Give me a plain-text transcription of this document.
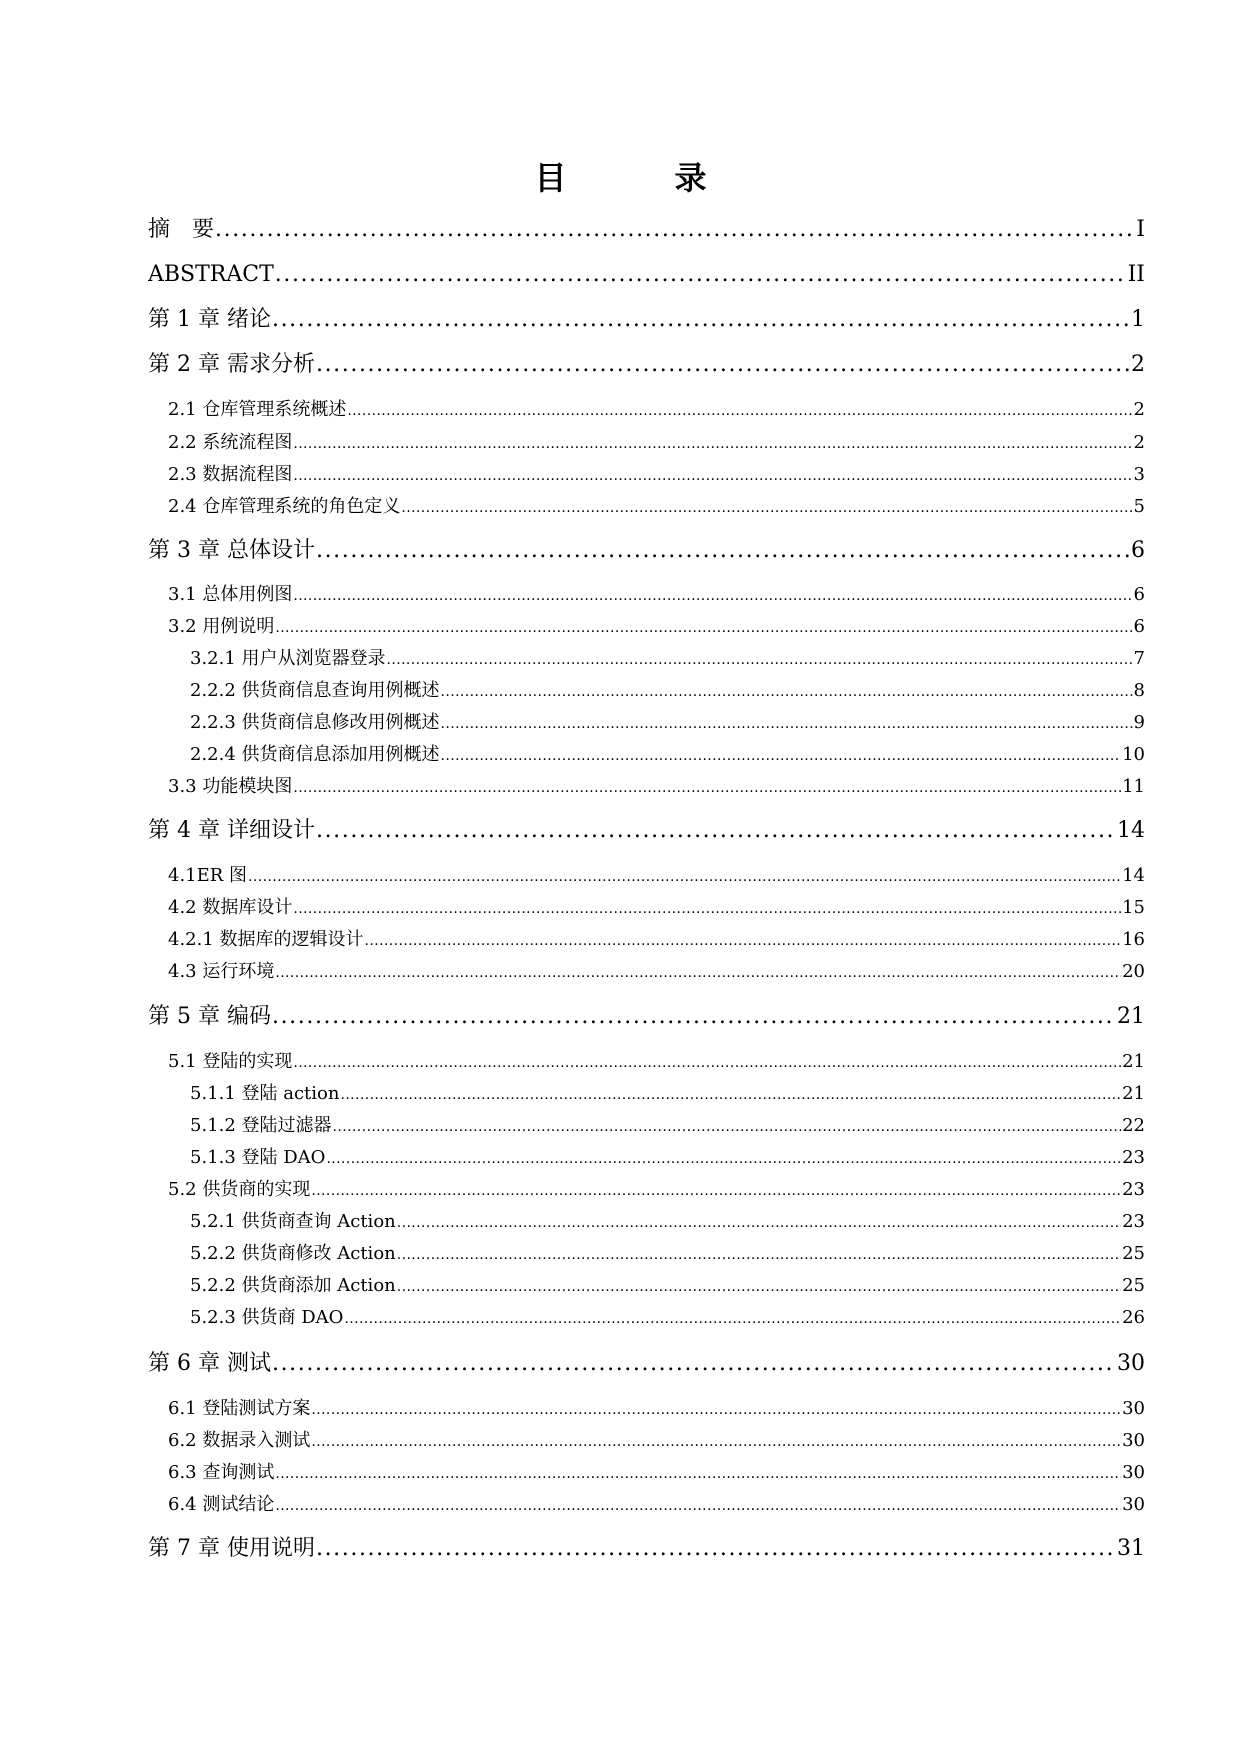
目　录
摘　要 .....	I
ABSTRACT .....	II
第 1 章 绪论 .....	1
第 2 章 需求分析 .....	2
2.1 仓库管理系统概述 .....	2
2.2 系统流程图 .....	2
2.3 数据流程图 .....	3
2.4 仓库管理系统的角色定义 .....	5
第 3 章 总体设计 .....	6
3.1 总体用例图 .....	6
3.2 用例说明 .....	6
3.2.1 用户从浏览器登录 .....	7
2.2.2 供货商信息查询用例概述 .....	8
2.2.3 供货商信息修改用例概述 .....	9
2.2.4 供货商信息添加用例概述 .....	10
3.3 功能模块图 .....	11
第 4 章 详细设计 .....	14
4.1ER 图 .....	14
4.2 数据库设计 .....	15
4.2.1 数据库的逻辑设计 .....	16
4.3 运行环境 .....	20
第 5 章 编码 .....	21
5.1 登陆的实现 .....	21
5.1.1 登陆 action .....	21
5.1.2 登陆过滤器 .....	22
5.1.3 登陆 DAO .....	23
5.2 供货商的实现 .....	23
5.2.1 供货商查询 Action .....	23
5.2.2 供货商修改 Action .....	25
5.2.2 供货商添加 Action .....	25
5.2.3 供货商 DAO .....	26
第 6 章 测试 .....	30
6.1 登陆测试方案 .....	30
6.2 数据录入测试 .....	30
6.3 查询测试 .....	30
6.4 测试结论 .....	30
第 7 章 使用说明 .....	31
